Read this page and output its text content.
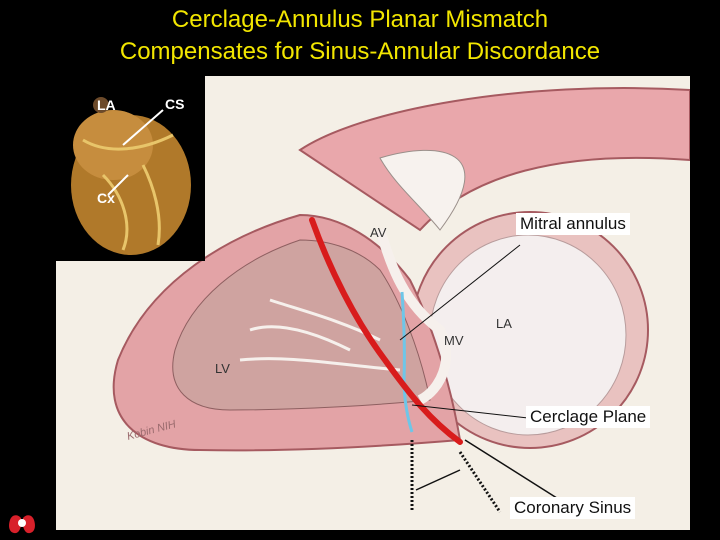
Cerclage-Annulus Planar Mismatch
Compensates for Sinus-Annular Discordance
Kobin NIH
AV
LA
MV
LV
LA	CS
Cx
Mitral annulus
Cerclage Plane
Coronary Sinus
